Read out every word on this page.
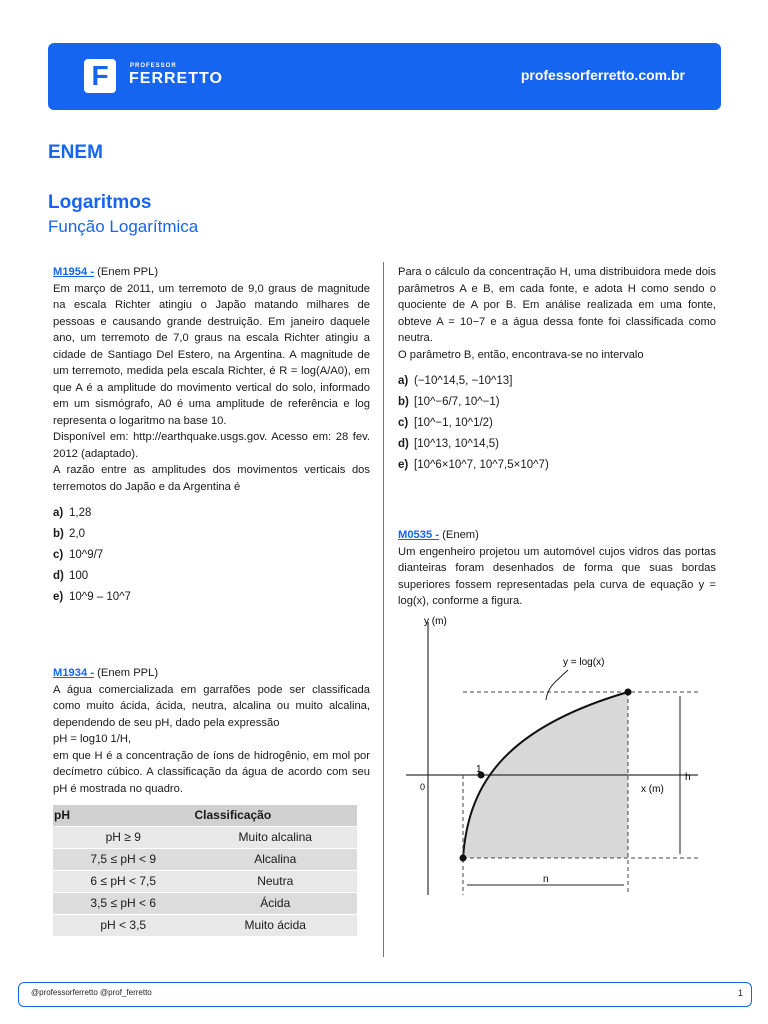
F	PROFESSOR
FERRETTO	professorferretto.com.br
ENEM
Logaritmos
Função Logarítmica
M1954 - (Enem PPL)
Em março de 2011, um terremoto de 9,0 graus de magnitude na escala Richter atingiu o Japão matando milhares de pessoas e causando grande destruição. Em janeiro daquele ano, um terremoto de 7,0 graus na escala Richter atingiu a cidade de Santiago Del Estero, na Argentina. A magnitude de um terremoto, medida pela escala Richter, é R = log(A/A0), em que A é a amplitude do movimento vertical do solo, informado em um sismógrafo, A0 é uma amplitude de referência e log representa o logaritmo na base 10.
Disponível em: http://earthquake.usgs.gov. Acesso em: 28 fev. 2012 (adaptado).
A razão entre as amplitudes dos movimentos verticais dos terremotos do Japão e da Argentina é
a) 1,28
b) 2,0
c) 10^9/7
d) 100
e) 10^9 – 10^7
M1934 - (Enem PPL)
A água comercializada em garrafões pode ser classificada como muito ácida, ácida, neutra, alcalina ou muito alcalina, dependendo de seu pH, dado pela expressão
pH = log10 1/H,
em que H é a concentração de íons de hidrogênio, em mol por decímetro cúbico. A classificação da água de acordo com seu pH é mostrada no quadro.
pH	Classificação
pH ≥ 9	Muito alcalina
7,5 ≤ pH < 9	Alcalina
6 ≤ pH < 7,5	Neutra
3,5 ≤ pH < 6	Ácida
pH < 3,5	Muito ácida
Para o cálculo da concentração H, uma distribuidora mede dois parâmetros A e B, em cada fonte, e adota H como sendo o quociente de A por B. Em análise realizada em uma fonte, obteve A = 10−7 e a água dessa fonte foi classificada como neutra.
O parâmetro B, então, encontrava-se no intervalo
a) (−10^14,5, −10^13]
b) [10^−6/7, 10^−1)
c) [10^−1, 10^1/2)
d) [10^13, 10^14,5)
e) [10^6×10^7, 10^7,5×10^7)
M0535 - (Enem)
Um engenheiro projetou um automóvel cujos vidros das portas dianteiras foram desenhados de forma que suas bordas superiores fossem representadas pela curva de equação y = log(x), conforme a figura.
y (m)
x (m)
y = log(x)
0
1
h
n
@professorferretto @prof_ferretto	1
